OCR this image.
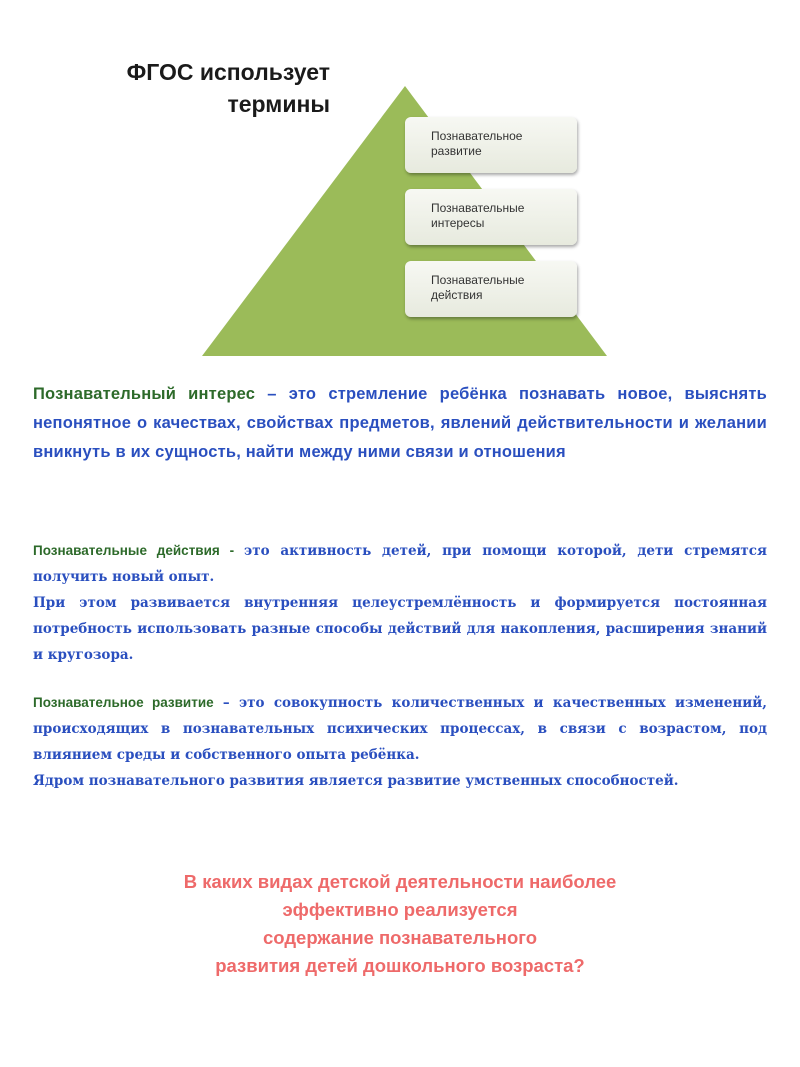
ФГОС использует
термины
Познавательное
развитие
Познавательные
интересы
Познавательные
действия
Познавательный интерес – это стремление ребёнка познавать новое, выяснять непонятное о качествах, свойствах предметов, явлений действительности и желании вникнуть в их сущность, найти между ними связи и отношения
Познавательные действия - это активность детей, при помощи которой, дети стремятся получить новый опыт.
При этом развивается внутренняя целеустремлённость и формируется постоянная потребность использовать разные способы действий для накопления, расширения знаний и кругозора.
Познавательное развитие – это совокупность количественных и качественных изменений, происходящих в познавательных психических процессах, в связи с возрастом, под влиянием среды и собственного опыта ребёнка.
Ядром познавательного развития является развитие умственных способностей.
В каких видах детской деятельности наиболее
эффективно реализуется
содержание познавательного
развития детей дошкольного возраста?
